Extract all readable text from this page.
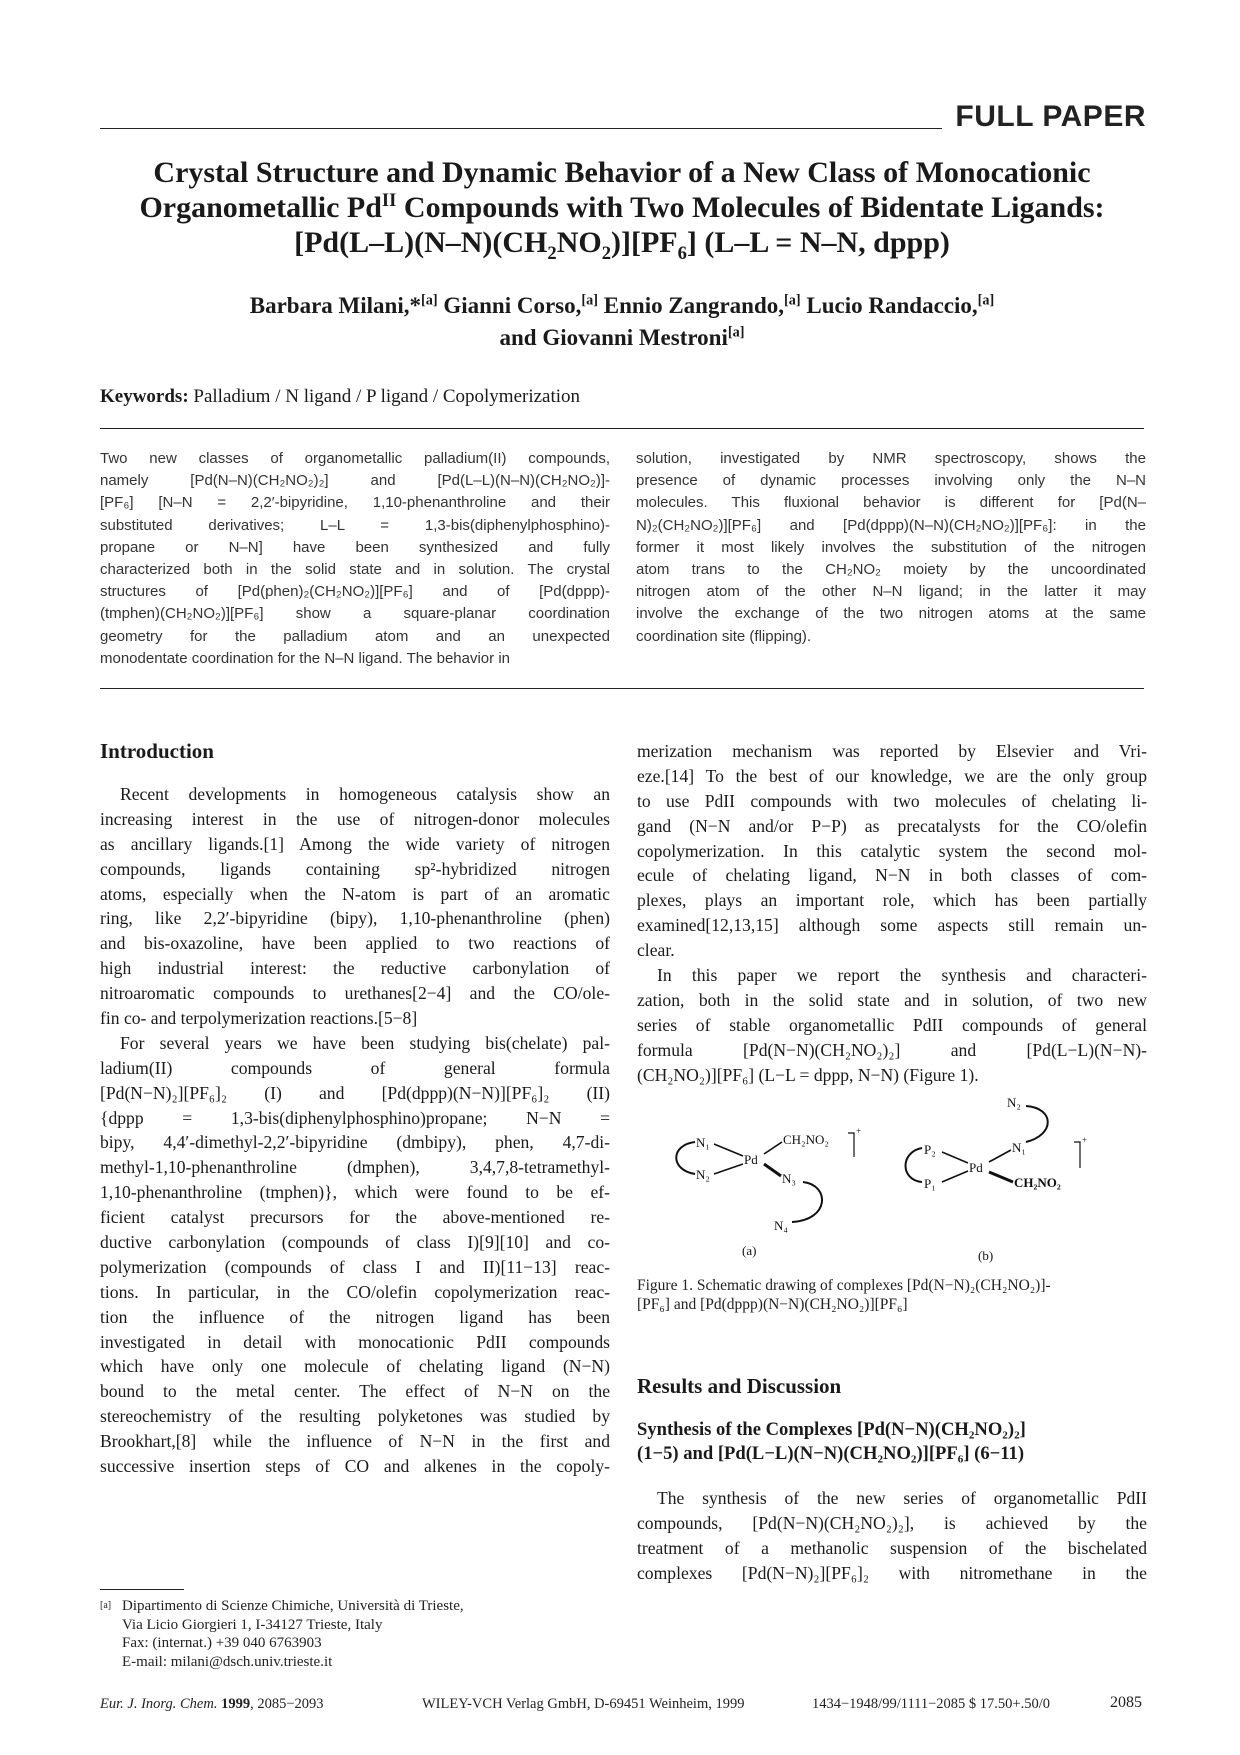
FULL PAPER
Crystal Structure and Dynamic Behavior of a New Class of Monocationic
Organometallic $Pd^{II}$ Compounds with Two Molecules of Bidentate Ligands:
$[Pd(L-L)(N-N)(CH_2NO_2)][PF_6] (L-L = N-N$, dppp)
Barbara Milani,*[a] Gianni Corso,[a] Ennio Zangrando,[a] Lucio Randaccio,[a]
and Giovanni Mestroni[a]
Keywords: Palladium / N ligand / P ligand / Copolymerization
Two new classes of organometallic palladium(II) compounds,
namely [Pd(N–N)(CH₂NO₂)₂] and [Pd(L–L)(N–N)(CH₂NO₂)]-
[PF₆] [N–N = 2,2′-bipyridine, 1,10-phenanthroline and their
substituted derivatives; L–L = 1,3-bis(diphenylphosphino)-
propane or N–N] have been synthesized and fully
characterized both in the solid state and in solution. The crystal
structures of [Pd(phen)₂(CH₂NO₂)][PF₆] and of [Pd(dppp)-
(tmphen)(CH₂NO₂)][PF₆] show a square-planar coordination
geometry for the palladium atom and an unexpected
monodentate coordination for the N–N ligand. The behavior in
solution, investigated by NMR spectroscopy, shows the
presence of dynamic processes involving only the N–N
molecules. This fluxional behavior is different for [Pd(N–
N)₂(CH₂NO₂)][PF₆] and [Pd(dppp)(N–N)(CH₂NO₂)][PF₆]: in the
former it most likely involves the substitution of the nitrogen
atom trans to the CH₂NO₂ moiety by the uncoordinated
nitrogen atom of the other N–N ligand; in the latter it may
involve the exchange of the two nitrogen atoms at the same
coordination site (flipping).
Introduction
Recent developments in homogeneous catalysis show an
increasing interest in the use of nitrogen-donor molecules
as ancillary ligands.[1] Among the wide variety of nitrogen
compounds, ligands containing sp²-hybridized nitrogen
atoms, especially when the N-atom is part of an aromatic
ring, like 2,2′-bipyridine (bipy), 1,10-phenanthroline (phen)
and bis-oxazoline, have been applied to two reactions of
high industrial interest: the reductive carbonylation of
nitroaromatic compounds to urethanes[2−4] and the CO/ole-
fin co- and terpolymerization reactions.[5−8]
For several years we have been studying bis(chelate) pal-
ladium(II) compounds of general formula
[Pd(N−N)₂][PF₆]₂ (I) and [Pd(dppp)(N−N)][PF₆]₂ (II)
{dppp = 1,3-bis(diphenylphosphino)propane; N−N =
bipy, 4,4′-dimethyl-2,2′-bipyridine (dmbipy), phen, 4,7-di-
methyl-1,10-phenanthroline (dmphen), 3,4,7,8-tetramethyl-
1,10-phenanthroline (tmphen)}, which were found to be ef-
ficient catalyst precursors for the above-mentioned re-
ductive carbonylation (compounds of class I)[9][10] and co-
polymerization (compounds of class I and II)[11−13] reac-
tions. In particular, in the CO/olefin copolymerization reac-
tion the influence of the nitrogen ligand has been
investigated in detail with monocationic PdII compounds
which have only one molecule of chelating ligand (N−N)
bound to the metal center. The effect of N−N on the
stereochemistry of the resulting polyketones was studied by
Brookhart,[8] while the influence of N−N in the first and
successive insertion steps of CO and alkenes in the copoly-
merization mechanism was reported by Elsevier and Vri-
eze.[14] To the best of our knowledge, we are the only group
to use PdII compounds with two molecules of chelating li-
gand (N−N and/or P−P) as precatalysts for the CO/olefin
copolymerization. In this catalytic system the second mol-
ecule of chelating ligand, N−N in both classes of com-
plexes, plays an important role, which has been partially
examined[12,13,15] although some aspects still remain un-
clear.
In this paper we report the synthesis and characteri-
zation, both in the solid state and in solution, of two new
series of stable organometallic PdII compounds of general
formula [Pd(N−N)(CH₂NO₂)₂] and [Pd(L−L)(N−N)-
(CH₂NO₂)][PF₆] (L−L = dppp, N−N) (Figure 1).
N₁
N₂
Pd
CH₂NO₂
N₃
N₄
+
(a)
P₂
P₁
Pd
N₁
N₂
CH₂NO₂
+
(b)
Figure 1. Schematic drawing of complexes [Pd(N−N)₂(CH₂NO₂)]-
[PF₆] and [Pd(dppp)(N−N)(CH₂NO₂)][PF₆]
Results and Discussion
Synthesis of the Complexes [Pd(N−N)(CH₂NO₂)₂]
(1−5) and [Pd(L−L)(N−N)(CH₂NO₂)][PF₆] (6−11)
The synthesis of the new series of organometallic PdII
compounds, [Pd(N−N)(CH₂NO₂)₂], is achieved by the
treatment of a methanolic suspension of the bischelated
complexes [Pd(N−N)₂][PF₆]₂ with nitromethane in the
[a] Dipartimento di Scienze Chimiche, Università di Trieste,
Via Licio Giorgieri 1, I-34127 Trieste, Italy
Fax: (internat.) +39 040 6763903
E-mail: milani@dsch.univ.trieste.it
Eur. J. Inorg. Chem. 1999, 2085−2093	WILEY-VCH Verlag GmbH, D-69451 Weinheim, 1999	1434−1948/99/1111−2085 $ 17.50+.50/0	2085
